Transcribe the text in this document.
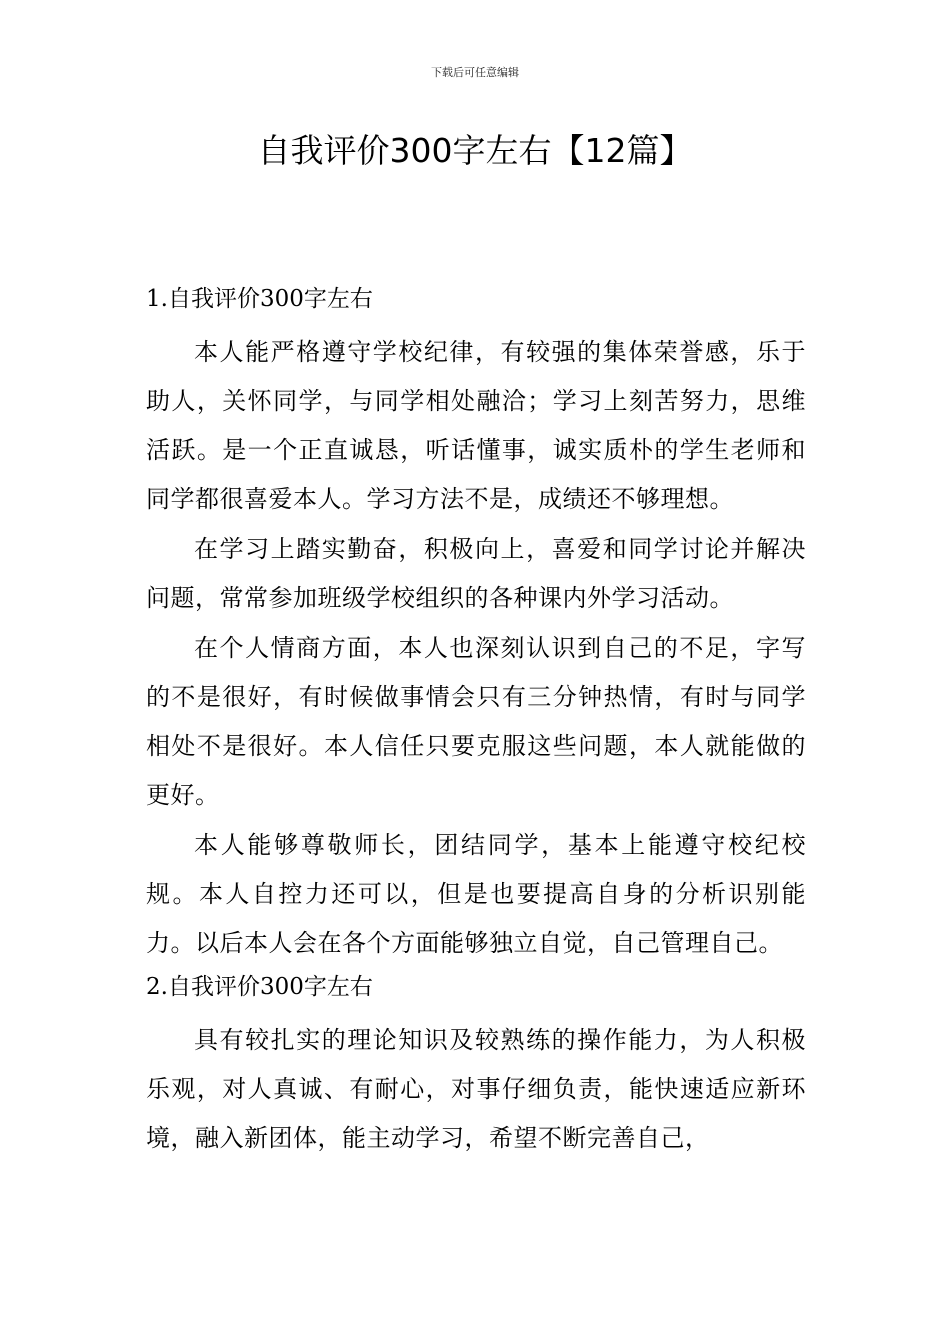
下载后可任意编辑
自我评价300字左右【12篇】
1.自我评价300字左右

本人能严格遵守学校纪律，有较强的集体荣誉感，乐于助人，关怀同学，与同学相处融洽；学习上刻苦努力，思维活跃。是一个正直诚恳，听话懂事，诚实质朴的学生老师和同学都很喜爱本人。学习方法不是，成绩还不够理想。

在学习上踏实勤奋，积极向上，喜爱和同学讨论并解决问题，常常参加班级学校组织的各种课内外学习活动。

在个人情商方面，本人也深刻认识到自己的不足，字写的不是很好，有时候做事情会只有三分钟热情，有时与同学相处不是很好。本人信任只要克服这些问题，本人就能做的更好。

本人能够尊敬师长，团结同学，基本上能遵守校纪校规。本人自控力还可以，但是也要提高自身的分析识别能力。以后本人会在各个方面能够独立自觉，自己管理自己。

2.自我评价300字左右

具有较扎实的理论知识及较熟练的操作能力，为人积极乐观，对人真诚、有耐心，对事仔细负责，能快速适应新环境，融入新团体，能主动学习，希望不断完善自己，
